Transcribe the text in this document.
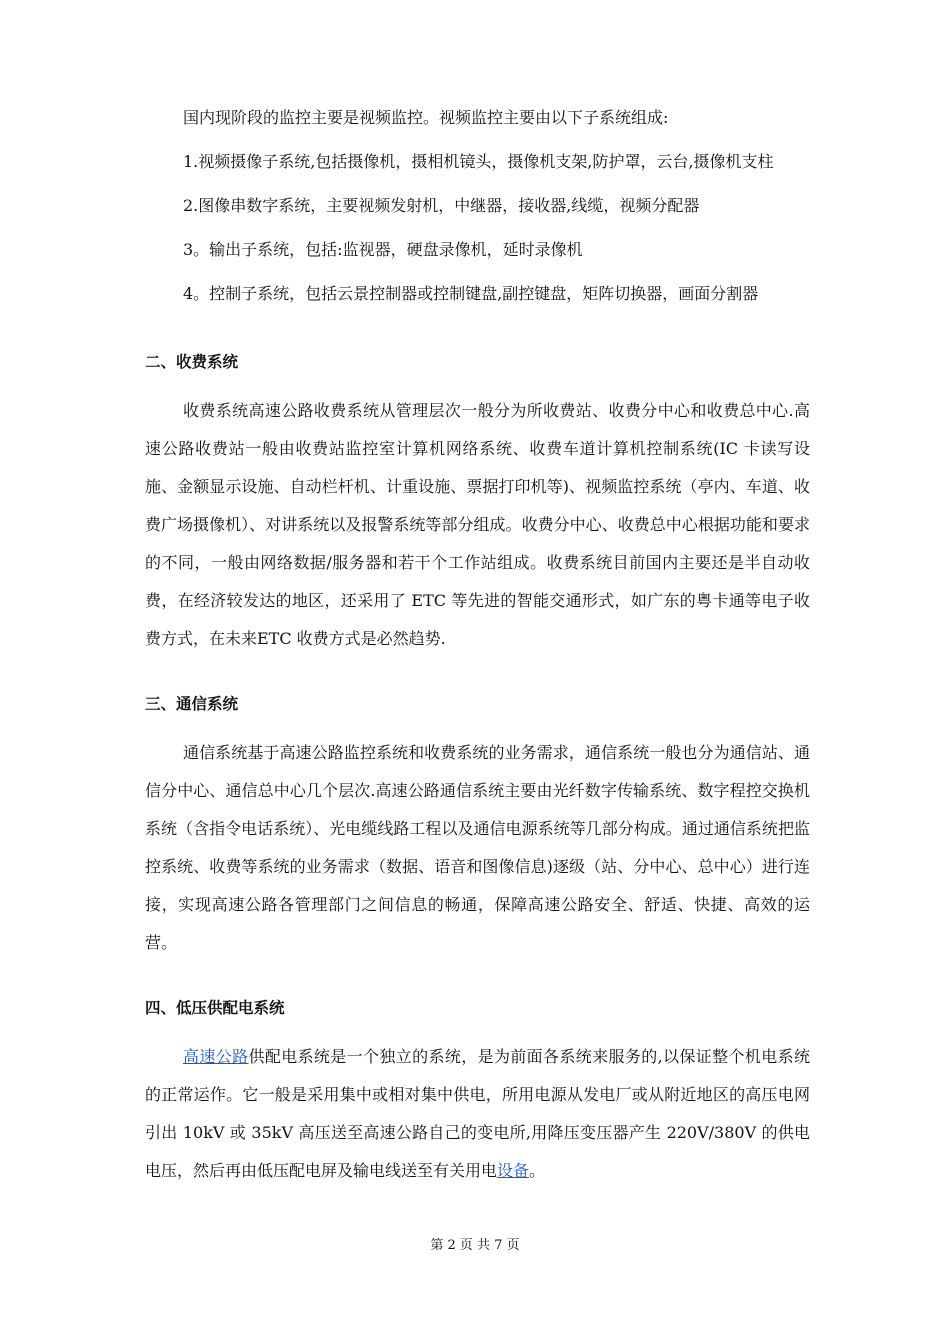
国内现阶段的监控主要是视频监控。视频监控主要由以下子系统组成:

1.视频摄像子系统,包括摄像机，摄相机镜头，摄像机支架,防护罩，云台,摄像机支柱

2.图像串数字系统，主要视频发射机，中继器，接收器,线缆，视频分配器

3。输出子系统，包括:监视器，硬盘录像机，延时录像机

4。控制子系统，包括云景控制器或控制键盘,副控键盘，矩阵切换器，画面分割器

二、收费系统

收费系统高速公路收费系统从管理层次一般分为所收费站、收费分中心和收费总中心.高速公路收费站一般由收费站监控室计算机网络系统、收费车道计算机控制系统(IC 卡读写设施、金额显示设施、自动栏杆机、计重设施、票据打印机等)、视频监控系统（亭内、车道、收费广场摄像机）、对讲系统以及报警系统等部分组成。收费分中心、收费总中心根据功能和要求的不同，一般由网络数据/服务器和若干个工作站组成。收费系统目前国内主要还是半自动收费，在经济较发达的地区，还采用了 ETC 等先进的智能交通形式，如广东的粤卡通等电子收费方式，在未来ETC 收费方式是必然趋势.

三、通信系统

通信系统基于高速公路监控系统和收费系统的业务需求，通信系统一般也分为通信站、通信分中心、通信总中心几个层次.高速公路通信系统主要由光纤数字传输系统、数字程控交换机系统（含指令电话系统）、光电缆线路工程以及通信电源系统等几部分构成。通过通信系统把监控系统、收费等系统的业务需求（数据、语音和图像信息)逐级（站、分中心、总中心）进行连接，实现高速公路各管理部门之间信息的畅通，保障高速公路安全、舒适、快捷、高效的运营。

四、低压供配电系统

高速公路供配电系统是一个独立的系统，是为前面各系统来服务的,以保证整个机电系统的正常运作。它一般是采用集中或相对集中供电，所用电源从发电厂或从附近地区的高压电网引出 10kV 或 35kV 高压送至高速公路自己的变电所,用降压变压器产生 220V/380V 的供电电压，然后再由低压配电屏及输电线送至有关用电设备。

第 2 页 共 7 页
